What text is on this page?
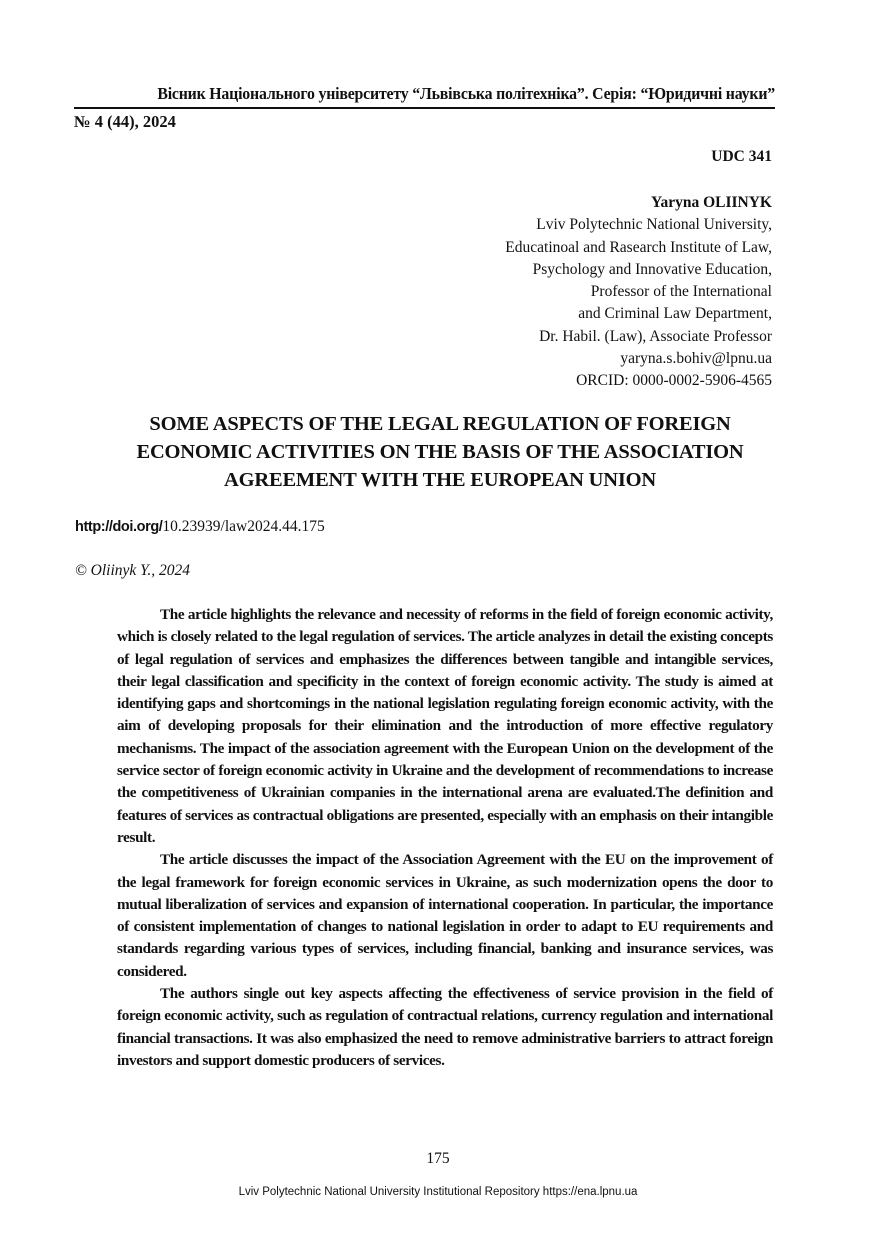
Вісник Національного університету “Львівська політехніка”. Серія: “Юридичні науки”
№ 4 (44), 2024
UDC 341
Yaryna OLIINYK
Lviv Polytechnic National University,
Educatinoal and Rasearch Institute of Law,
Psychology and Innovative Education,
Professor of the International
and Criminal Law Department,
Dr. Habil. (Law), Associate Professor
yaryna.s.bohiv@lpnu.ua
ORCID: 0000-0002-5906-4565
SOME ASPECTS OF THE LEGAL REGULATION OF FOREIGN
ECONOMIC ACTIVITIES ON THE BASIS OF THE ASSOCIATION
AGREEMENT WITH THE EUROPEAN UNION
http://doi.org/10.23939/law2024.44.175
© Oliinyk Y., 2024

The article highlights the relevance and necessity of reforms in the field of foreign economic activity, which is closely related to the legal regulation of services. The article analyzes in detail the existing concepts of legal regulation of services and emphasizes the differences between tangible and intangible services, their legal classification and specificity in the context of foreign economic activity. The study is aimed at identifying gaps and shortcomings in the national legislation regulating foreign economic activity, with the aim of developing proposals for their elimination and the introduction of more effective regulatory mechanisms. The impact of the association agreement with the European Union on the development of the service sector of foreign economic activity in Ukraine and the development of recommendations to increase the competitiveness of Ukrainian companies in the international arena are evaluated.The definition and features of services as contractual obligations are presented, especially with an emphasis on their intangible result.

The article discusses the impact of the Association Agreement with the EU on the improvement of the legal framework for foreign economic services in Ukraine, as such modernization opens the door to mutual liberalization of services and expansion of international cooperation. In particular, the importance of consistent implementation of changes to national legislation in order to adapt to EU requirements and standards regarding various types of services, including financial, banking and insurance services, was considered.

The authors single out key aspects affecting the effectiveness of service provision in the field of foreign economic activity, such as regulation of contractual relations, currency regulation and international financial transactions. It was also emphasized the need to remove administrative barriers to attract foreign investors and support domestic producers of services.

175
Lviv Polytechnic National University Institutional Repository https://ena.lpnu.ua
